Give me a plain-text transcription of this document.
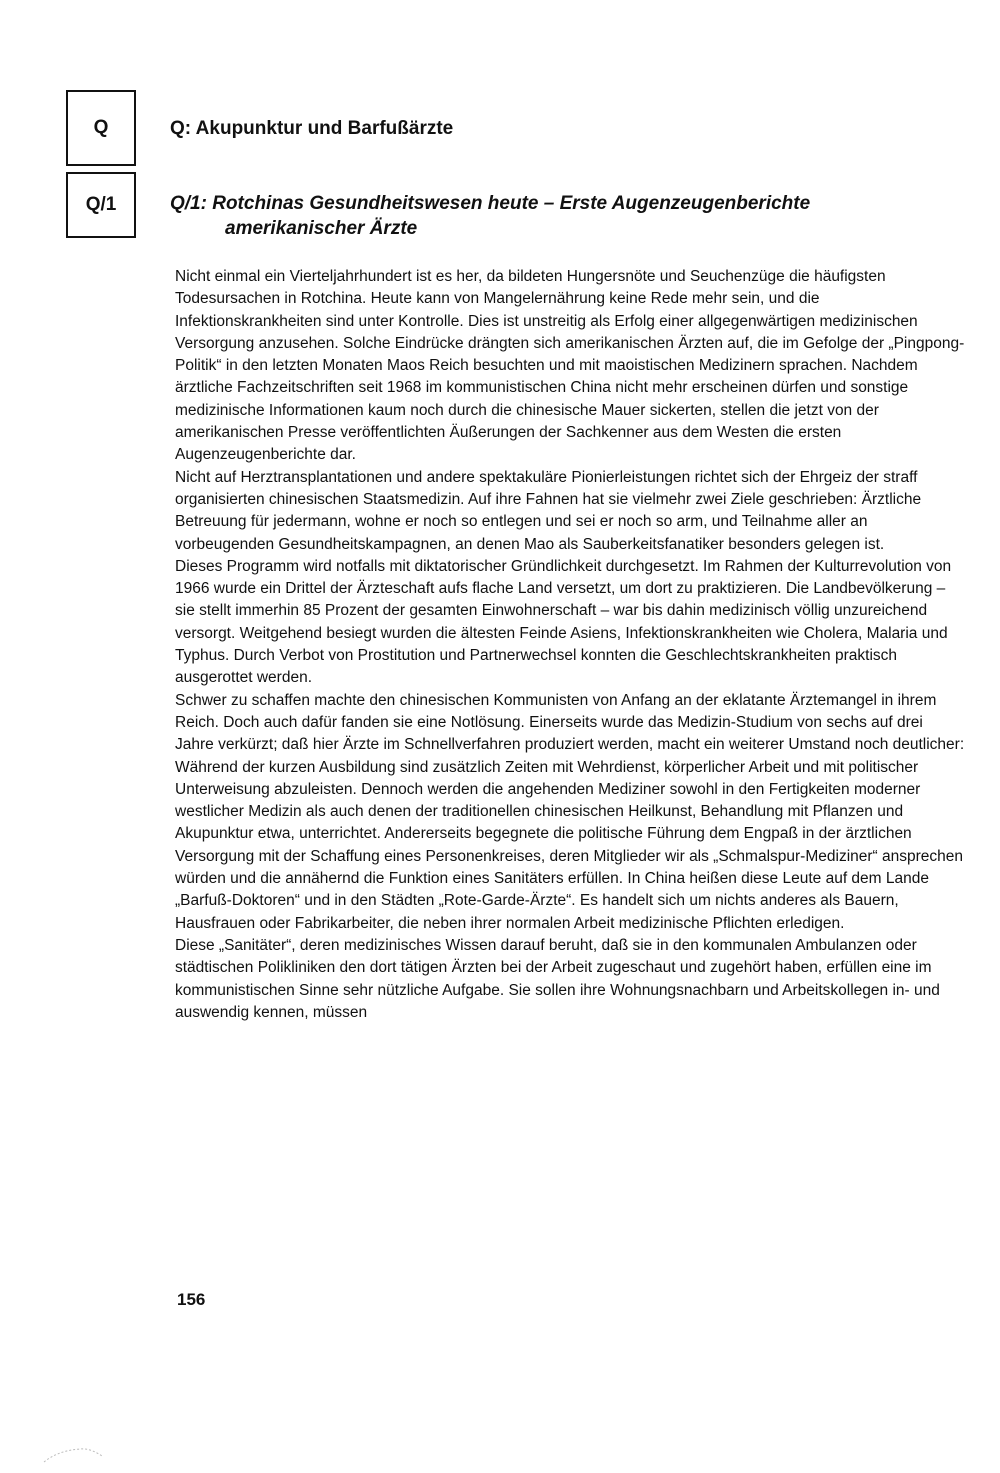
Q
Q/1
Q: Akupunktur und Barfußärzte
Q/1: Rotchinas Gesundheitswesen heute – Erste Augenzeugenberichte
amerikanischer Ärzte

Nicht einmal ein Vierteljahrhundert ist es her, da bildeten Hungersnöte und Seuchenzüge die häufigsten Todesursachen in Rotchina. Heute kann von Mangelernährung keine Rede mehr sein, und die Infektionskrankheiten sind unter Kontrolle. Dies ist unstreitig als Erfolg einer allgegenwärtigen medizinischen Versorgung anzusehen. Solche Eindrücke drängten sich amerikanischen Ärzten auf, die im Gefolge der „Pingpong-Politik“ in den letzten Monaten Maos Reich besuchten und mit maoistischen Medizinern sprachen. Nachdem ärztliche Fachzeitschriften seit 1968 im kommunistischen China nicht mehr erscheinen dürfen und sonstige medizinische Informationen kaum noch durch die chinesische Mauer sickerten, stellen die jetzt von der amerikanischen Presse veröffentlichten Äußerungen der Sachkenner aus dem Westen die ersten Augenzeugenberichte dar.

Nicht auf Herztransplantationen und andere spektakuläre Pionierleistungen richtet sich der Ehrgeiz der straff organisierten chinesischen Staatsmedizin. Auf ihre Fahnen hat sie vielmehr zwei Ziele geschrieben: Ärztliche Betreuung für jedermann, wohne er noch so entlegen und sei er noch so arm, und Teilnahme aller an vorbeugenden Gesundheitskampagnen, an denen Mao als Sauberkeitsfanatiker besonders gelegen ist.

Dieses Programm wird notfalls mit diktatorischer Gründlichkeit durchgesetzt. Im Rahmen der Kulturrevolution von 1966 wurde ein Drittel der Ärzteschaft aufs flache Land versetzt, um dort zu praktizieren. Die Landbevölkerung – sie stellt immerhin 85 Prozent der gesamten Einwohnerschaft – war bis dahin medizinisch völlig unzureichend versorgt. Weitgehend besiegt wurden die ältesten Feinde Asiens, Infektionskrankheiten wie Cholera, Malaria und Typhus. Durch Verbot von Prostitution und Partnerwechsel konnten die Geschlechtskrankheiten praktisch ausgerottet werden.

Schwer zu schaffen machte den chinesischen Kommunisten von Anfang an der eklatante Ärztemangel in ihrem Reich. Doch auch dafür fanden sie eine Notlösung. Einerseits wurde das Medizin-Studium von sechs auf drei Jahre verkürzt; daß hier Ärzte im Schnellverfahren produziert werden, macht ein weiterer Umstand noch deutlicher: Während der kurzen Ausbildung sind zusätzlich Zeiten mit Wehrdienst, körperlicher Arbeit und mit politischer Unterweisung abzuleisten. Dennoch werden die angehenden Mediziner sowohl in den Fertigkeiten moderner westlicher Medizin als auch denen der traditionellen chinesischen Heilkunst, Behandlung mit Pflanzen und Akupunktur etwa, unterrichtet. Andererseits begegnete die politische Führung dem Engpaß in der ärztlichen Versorgung mit der Schaffung eines Personenkreises, deren Mitglieder wir als „Schmalspur-Mediziner“ ansprechen würden und die annähernd die Funktion eines Sanitäters erfüllen. In China heißen diese Leute auf dem Lande „Barfuß-Doktoren“ und in den Städten „Rote-Garde-Ärzte“. Es handelt sich um nichts anderes als Bauern, Hausfrauen oder Fabrikarbeiter, die neben ihrer normalen Arbeit medizinische Pflichten erledigen.

Diese „Sanitäter“, deren medizinisches Wissen darauf beruht, daß sie in den kommunalen Ambulanzen oder städtischen Polikliniken den dort tätigen Ärzten bei der Arbeit zugeschaut und zugehört haben, erfüllen eine im kommunistischen Sinne sehr nützliche Aufgabe. Sie sollen ihre Wohnungsnachbarn und Arbeitskollegen in- und auswendig kennen, müssen

156
